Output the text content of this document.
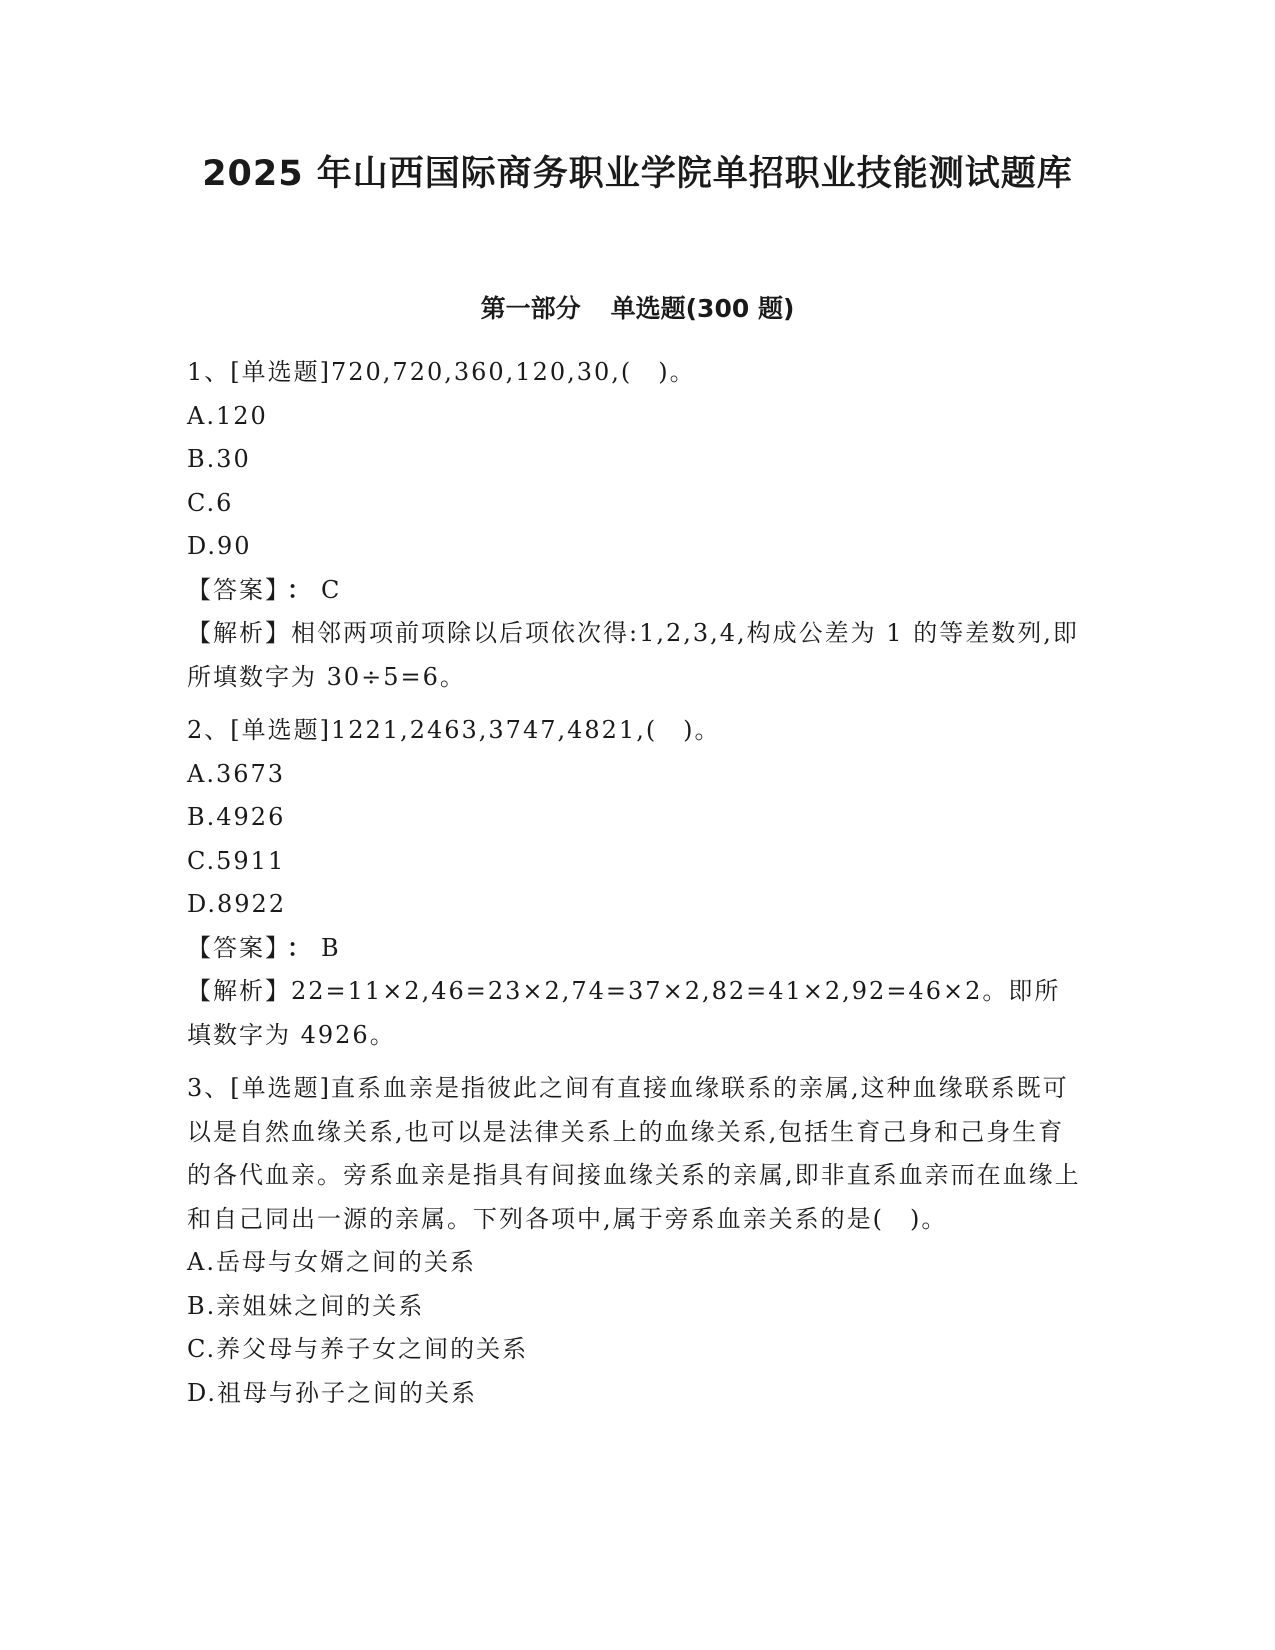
2025 年山西国际商务职业学院单招职业技能测试题库
第一部分 单选题(300 题)

1、[单选题]720,720,360,120,30,(　)。

A.120

B.30

C.6

D.90

【答案】 ： C

【解析】相邻两项前项除以后项依次得:1,2,3,4,构成公差为 1 的等差数列,即所填数字为 30÷5=6。

2、[单选题]1221,2463,3747,4821,(　)。

A.3673

B.4926

C.5911

D.8922

【答案】 ： B

【解析】22=11×2,46=23×2,74=37×2,82=41×2,92=46×2。即所填数字为 4926。

3、[单选题]直系血亲是指彼此之间有直接血缘联系的亲属,这种血缘联系既可以是自然血缘关系,也可以是法律关系上的血缘关系,包括生育己身和己身生育的各代血亲。旁系血亲是指具有间接血缘关系的亲属,即非直系血亲而在血缘上和自己同出一源的亲属。下列各项中,属于旁系血亲关系的是(　)。

A.岳母与女婿之间的关系

B.亲姐妹之间的关系

C.养父母与养子女之间的关系

D.祖母与孙子之间的关系
